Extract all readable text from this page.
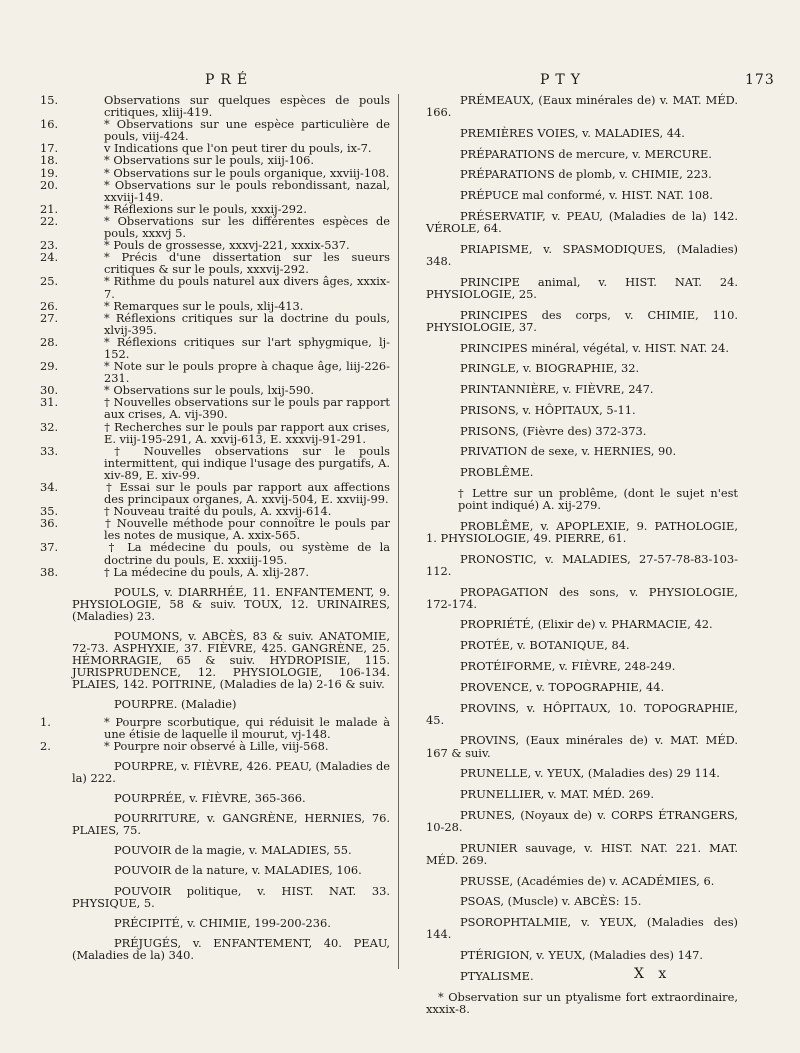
PRÉ	PTY	173
15.	Observations sur quelques espèces de pouls critiques, xliij-419.
16.	* Observations sur une espèce particulière de pouls, viij-424.
17.	v Indications que l'on peut tirer du pouls, ix-7.
18.	* Observations sur le pouls, xiij-106.
19.	* Observations sur le pouls organique, xxviij-108.
20.	* Observations sur le pouls rebondissant, nazal, xxviij-149.
21.	* Réflexions sur le pouls, xxxij-292.
22.	* Observations sur les différentes espèces de pouls, xxxvj 5.
23.	* Pouls de grossesse, xxxvj-221, xxxix-537.
24.	* Précis d'une dissertation sur les sueurs critiques & sur le pouls, xxxvij-292.
25.	* Rithme du pouls naturel aux divers âges, xxxix-7.
26.	* Remarques sur le pouls, xlij-413.
27.	* Réflexions critiques sur la doctrine du pouls, xlvij-395.
28.	* Réflexions critiques sur l'art sphygmique, lj-152.
29.	* Note sur le pouls propre à chaque âge, liij-226-231.
30.	* Observations sur le pouls, lxij-590.
31.	† Nouvelles observations sur le pouls par rapport aux crises, A. vij-390.
32.	† Recherches sur le pouls par rapport aux crises, E. viij-195-291, A. xxvij-613, E. xxxvij-91-291.
33.	† Nouvelles observations sur le pouls intermittent, qui indique l'usage des purgatifs, A. xiv-89, E. xiv-99.
34.	† Essai sur le pouls par rapport aux affections des principaux organes, A. xxvij-504, E. xxviij-99.
35.	† Nouveau traité du pouls, A. xxvij-614.
36.	† Nouvelle méthode pour connoître le pouls par les notes de musique, A. xxix-565.
37.	† La médecine du pouls, ou système de la doctrine du pouls, E. xxxiij-195.
38.	† La médecine du pouls, A. xlij-287.
POULS, v. DIARRHÉE, 11. ENFANTEMENT, 9. PHYSIOLOGIE, 58 & suiv. TOUX, 12. URINAIRES, (Maladies) 23.
POUMONS, v. ABCÈS, 83 & suiv. ANATOMIE, 72-73. ASPHYXIE, 37. FIÈVRE, 425. GANGRÈNE, 25. HÉMORRAGIE, 65 & suiv. HYDROPISIE, 115. JURISPRUDENCE, 12. PHYSIOLOGIE, 106-134. PLAIES, 142. POITRINE, (Maladies de la) 2-16 & suiv.
POURPRE. (Maladie)
1.	* Pourpre scorbutique, qui réduisit le malade à une étisie de laquelle il mourut, vj-148.
2.	* Pourpre noir observé à Lille, viij-568.
POURPRE, v. FIÈVRE, 426. PEAU, (Maladies de la) 222.
POURPRÉE, v. FIÈVRE, 365-366.
POURRITURE, v. GANGRÈNE, HERNIES, 76. PLAIES, 75.
POUVOIR de la magie, v. MALADIES, 55.
POUVOIR de la nature, v. MALADIES, 106.
POUVOIR politique, v. HIST. NAT. 33. PHYSIQUE, 5.
PRÉCIPITÉ, v. CHIMIE, 199-200-236.
PRÉJUGÉS, v. ENFANTEMENT, 40. PEAU, (Maladies de la) 340.
PRÉMEAUX, (Eaux minérales de) v. MAT. MÉD. 166.
PREMIÈRES VOIES, v. MALADIES, 44.
PRÉPARATIONS de mercure, v. MERCURE.
PRÉPARATIONS de plomb, v. CHIMIE, 223.
PRÉPUCE mal conformé, v. HIST. NAT. 108.
PRÉSERVATIF, v. PEAU, (Maladies de la) 142. VÉROLE, 64.
PRIAPISME, v. SPASMODIQUES, (Maladies) 348.
PRINCIPE animal, v. HIST. NAT. 24. PHYSIOLOGIE, 25.
PRINCIPES des corps, v. CHIMIE, 110. PHYSIOLOGIE, 37.
PRINCIPES minéral, végétal, v. HIST. NAT. 24.
PRINGLE, v. BIOGRAPHIE, 32.
PRINTANNIÈRE, v. FIÈVRE, 247.
PRISONS, v. HÔPITAUX, 5-11.
PRISONS, (Fièvre des) 372-373.
PRIVATION de sexe, v. HERNIES, 90.
PROBLÊME.
† Lettre sur un problême, (dont le sujet n'est point indiqué) A. xij-279.
PROBLÊME, v. APOPLEXIE, 9. PATHOLOGIE, 1. PHYSIOLOGIE, 49. PIERRE, 61.
PRONOSTIC, v. MALADIES, 27-57-78-83-103-112.
PROPAGATION des sons, v. PHYSIOLOGIE, 172-174.
PROPRIÉTÉ, (Elixir de) v. PHARMACIE, 42.
PROTÉE, v. BOTANIQUE, 84.
PROTÉIFORME, v. FIÈVRE, 248-249.
PROVENCE, v. TOPOGRAPHIE, 44.
PROVINS, v. HÔPITAUX, 10. TOPOGRAPHIE, 45.
PROVINS, (Eaux minérales de) v. MAT. MÉD. 167 & suiv.
PRUNELLE, v. YEUX, (Maladies des) 29 114.
PRUNELLIER, v. MAT. MÉD. 269.
PRUNES, (Noyaux de) v. CORPS ÉTRANGERS, 10-28.
PRUNIER sauvage, v. HIST. NAT. 221. MAT. MÉD. 269.
PRUSSE, (Académies de) v. ACADÉMIES, 6.
PSOAS, (Muscle) v. ABCÈS: 15.
PSOROPHTALMIE, v. YEUX, (Maladies des) 144.
PTÉRIGION, v. YEUX, (Maladies des) 147.
PTYALISME.
* Observation sur un ptyalisme fort extraordinaire, xxxix-8.
X x
